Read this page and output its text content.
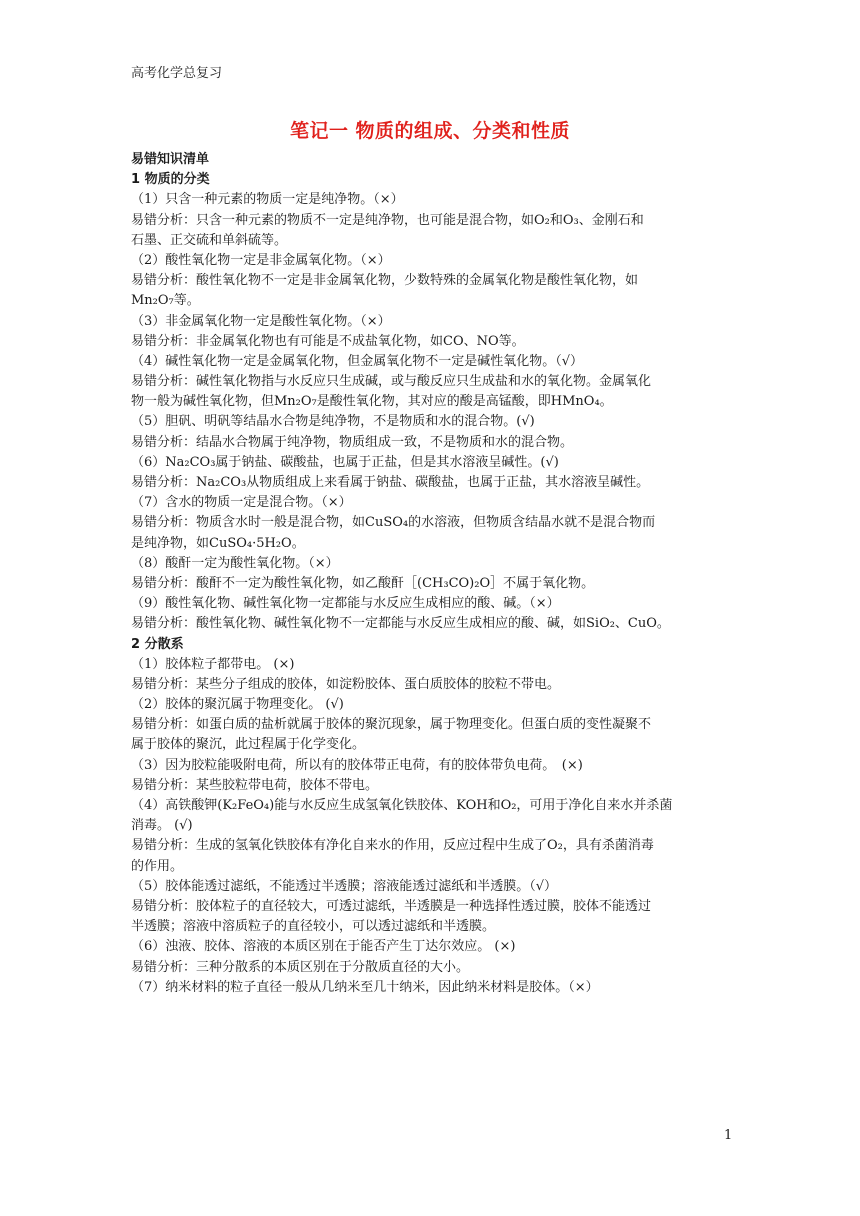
高考化学总复习
笔记一 物质的组成、分类和性质
易错知识清单
1 物质的分类
（1）只含一种元素的物质一定是纯净物。（×）
易错分析：只含一种元素的物质不一定是纯净物，也可能是混合物，如O₂和O₃、金刚石和
石墨、正交硫和单斜硫等。
（2）酸性氧化物一定是非金属氧化物。（×）
易错分析：酸性氧化物不一定是非金属氧化物，少数特殊的金属氧化物是酸性氧化物，如
Mn₂O₇等。
（3）非金属氧化物一定是酸性氧化物。（×）
易错分析：非金属氧化物也有可能是不成盐氧化物，如CO、NO等。
（4）碱性氧化物一定是金属氧化物，但金属氧化物不一定是碱性氧化物。（√）
易错分析：碱性氧化物指与水反应只生成碱，或与酸反应只生成盐和水的氧化物。金属氧化
物一般为碱性氧化物，但Mn₂O₇是酸性氧化物，其对应的酸是高锰酸，即HMnO₄。
（5）胆矾、明矾等结晶水合物是纯净物，不是物质和水的混合物。(√)
易错分析：结晶水合物属于纯净物，物质组成一致，不是物质和水的混合物。
（6）Na₂CO₃属于钠盐、碳酸盐，也属于正盐，但是其水溶液呈碱性。(√)
易错分析：Na₂CO₃从物质组成上来看属于钠盐、碳酸盐，也属于正盐，其水溶液呈碱性。
（7）含水的物质一定是混合物。（×）
易错分析：物质含水时一般是混合物，如CuSO₄的水溶液，但物质含结晶水就不是混合物而
是纯净物，如CuSO₄·5H₂O。
（8）酸酐一定为酸性氧化物。（×）
易错分析：酸酐不一定为酸性氧化物，如乙酸酐［(CH₃CO)₂O］不属于氧化物。
（9）酸性氧化物、碱性氧化物一定都能与水反应生成相应的酸、碱。（×）
易错分析：酸性氧化物、碱性氧化物不一定都能与水反应生成相应的酸、碱，如SiO₂、CuO。
2 分散系
（1）胶体粒子都带电。 (×)
易错分析：某些分子组成的胶体，如淀粉胶体、蛋白质胶体的胶粒不带电。
（2）胶体的聚沉属于物理变化。 (√)
易错分析：如蛋白质的盐析就属于胶体的聚沉现象，属于物理变化。但蛋白质的变性凝聚不
属于胶体的聚沉，此过程属于化学变化。
（3）因为胶粒能吸附电荷，所以有的胶体带正电荷，有的胶体带负电荷。　(×)
易错分析：某些胶粒带电荷，胶体不带电。
（4）高铁酸钾(K₂FeO₄)能与水反应生成氢氧化铁胶体、KOH和O₂，可用于净化自来水并杀菌
消毒。 (√)
易错分析：生成的氢氧化铁胶体有净化自来水的作用，反应过程中生成了O₂，具有杀菌消毒
的作用。
（5）胶体能透过滤纸，不能透过半透膜；溶液能透过滤纸和半透膜。（√）
易错分析：胶体粒子的直径较大，可透过滤纸，半透膜是一种选择性透过膜，胶体不能透过
半透膜；溶液中溶质粒子的直径较小，可以透过滤纸和半透膜。
（6）浊液、胶体、溶液的本质区别在于能否产生丁达尔效应。 (×)
易错分析：三种分散系的本质区别在于分散质直径的大小。
（7）纳米材料的粒子直径一般从几纳米至几十纳米，因此纳米材料是胶体。（×）
1
